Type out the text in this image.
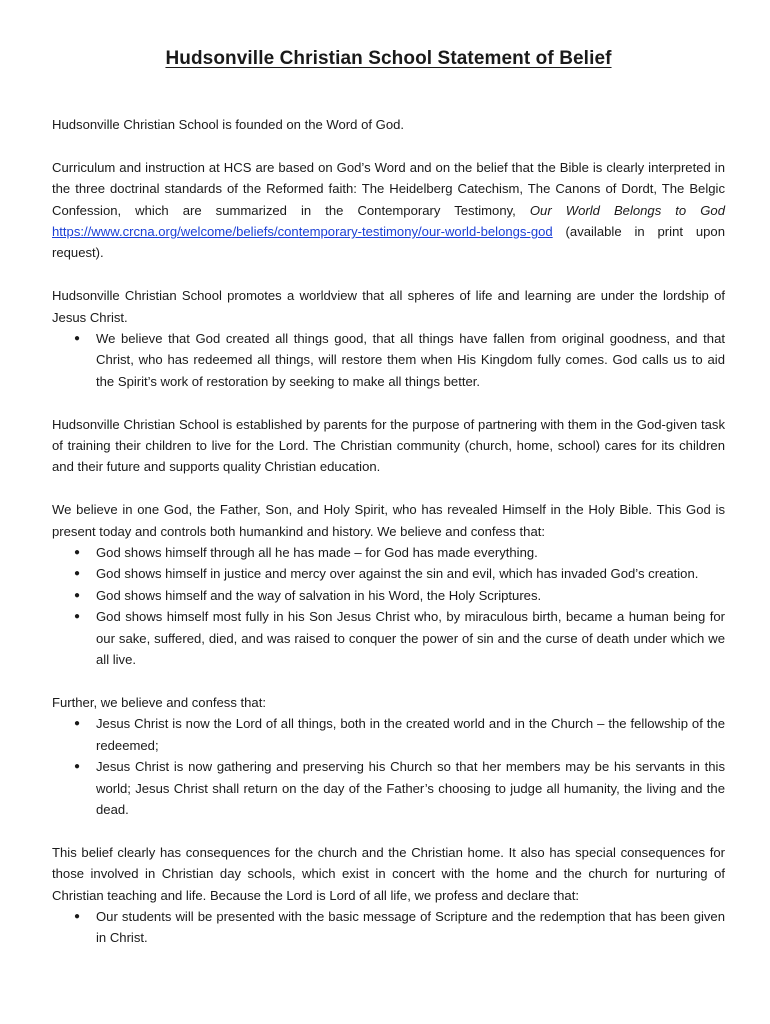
Hudsonville Christian School Statement of Belief

Hudsonville Christian School is founded on the Word of God.

Curriculum and instruction at HCS are based on God’s Word and on the belief that the Bible is clearly interpreted in the three doctrinal standards of the Reformed faith: The Heidelberg Catechism, The Canons of Dordt, The Belgic Confession, which are summarized in the Contemporary Testimony, Our World Belongs to God https://www.crcna.org/welcome/beliefs/contemporary-testimony/our-world-belongs-god (available in print upon request).

Hudsonville Christian School promotes a worldview that all spheres of life and learning are under the lordship of Jesus Christ.

● We believe that God created all things good, that all things have fallen from original goodness, and that Christ, who has redeemed all things, will restore them when His Kingdom fully comes. God calls us to aid the Spirit’s work of restoration by seeking to make all things better.

Hudsonville Christian School is established by parents for the purpose of partnering with them in the God-given task of training their children to live for the Lord. The Christian community (church, home, school) cares for its children and their future and supports quality Christian education.

We believe in one God, the Father, Son, and Holy Spirit, who has revealed Himself in the Holy Bible. This God is present today and controls both humankind and history. We believe and confess that:

● God shows himself through all he has made – for God has made everything.
● God shows himself in justice and mercy over against the sin and evil, which has invaded God’s creation.
● God shows himself and the way of salvation in his Word, the Holy Scriptures.
● God shows himself most fully in his Son Jesus Christ who, by miraculous birth, became a human being for our sake, suffered, died, and was raised to conquer the power of sin and the curse of death under which we all live.

Further, we believe and confess that:

● Jesus Christ is now the Lord of all things, both in the created world and in the Church – the fellowship of the redeemed;
● Jesus Christ is now gathering and preserving his Church so that her members may be his servants in this world; Jesus Christ shall return on the day of the Father’s choosing to judge all humanity, the living and the dead.

This belief clearly has consequences for the church and the Christian home. It also has special consequences for those involved in Christian day schools, which exist in concert with the home and the church for nurturing of Christian teaching and life. Because the Lord is Lord of all life, we profess and declare that:

● Our students will be presented with the basic message of Scripture and the redemption that has been given in Christ.
